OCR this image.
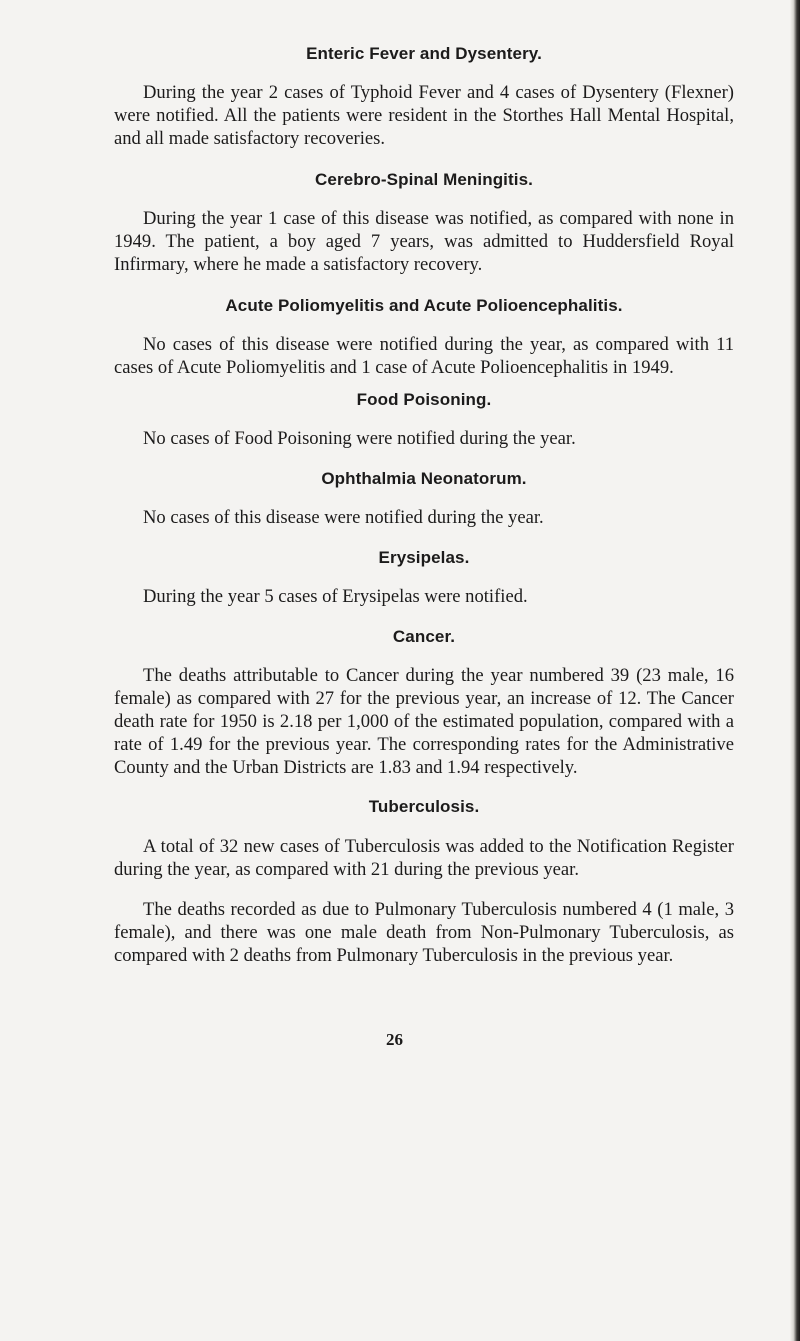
Enteric Fever and Dysentery.

During the year 2 cases of Typhoid Fever and 4 cases of Dysentery (Flexner) were notified. All the patients were resident in the Storthes Hall Mental Hospital, and all made satisfactory recoveries.

Cerebro-Spinal Meningitis.

During the year 1 case of this disease was notified, as compared with none in 1949. The patient, a boy aged 7 years, was admitted to Huddersfield Royal Infirmary, where he made a satisfactory recovery.

Acute Poliomyelitis and Acute Polioencephalitis.

No cases of this disease were notified during the year, as compared with 11 cases of Acute Poliomyelitis and 1 case of Acute Polioencephalitis in 1949.

Food Poisoning.

No cases of Food Poisoning were notified during the year.

Ophthalmia Neonatorum.

No cases of this disease were notified during the year.

Erysipelas.

During the year 5 cases of Erysipelas were notified.

Cancer.

The deaths attributable to Cancer during the year numbered 39 (23 male, 16 female) as compared with 27 for the previous year, an increase of 12. The Cancer death rate for 1950 is 2.18 per 1,000 of the estimated population, compared with a rate of 1.49 for the previous year. The corresponding rates for the Administrative County and the Urban Districts are 1.83 and 1.94 respectively.

Tuberculosis.

A total of 32 new cases of Tuberculosis was added to the Notification Register during the year, as compared with 21 during the previous year.

The deaths recorded as due to Pulmonary Tuberculosis numbered 4 (1 male, 3 female), and there was one male death from Non-Pulmonary Tuberculosis, as compared with 2 deaths from Pulmonary Tuberculosis in the previous year.

26
